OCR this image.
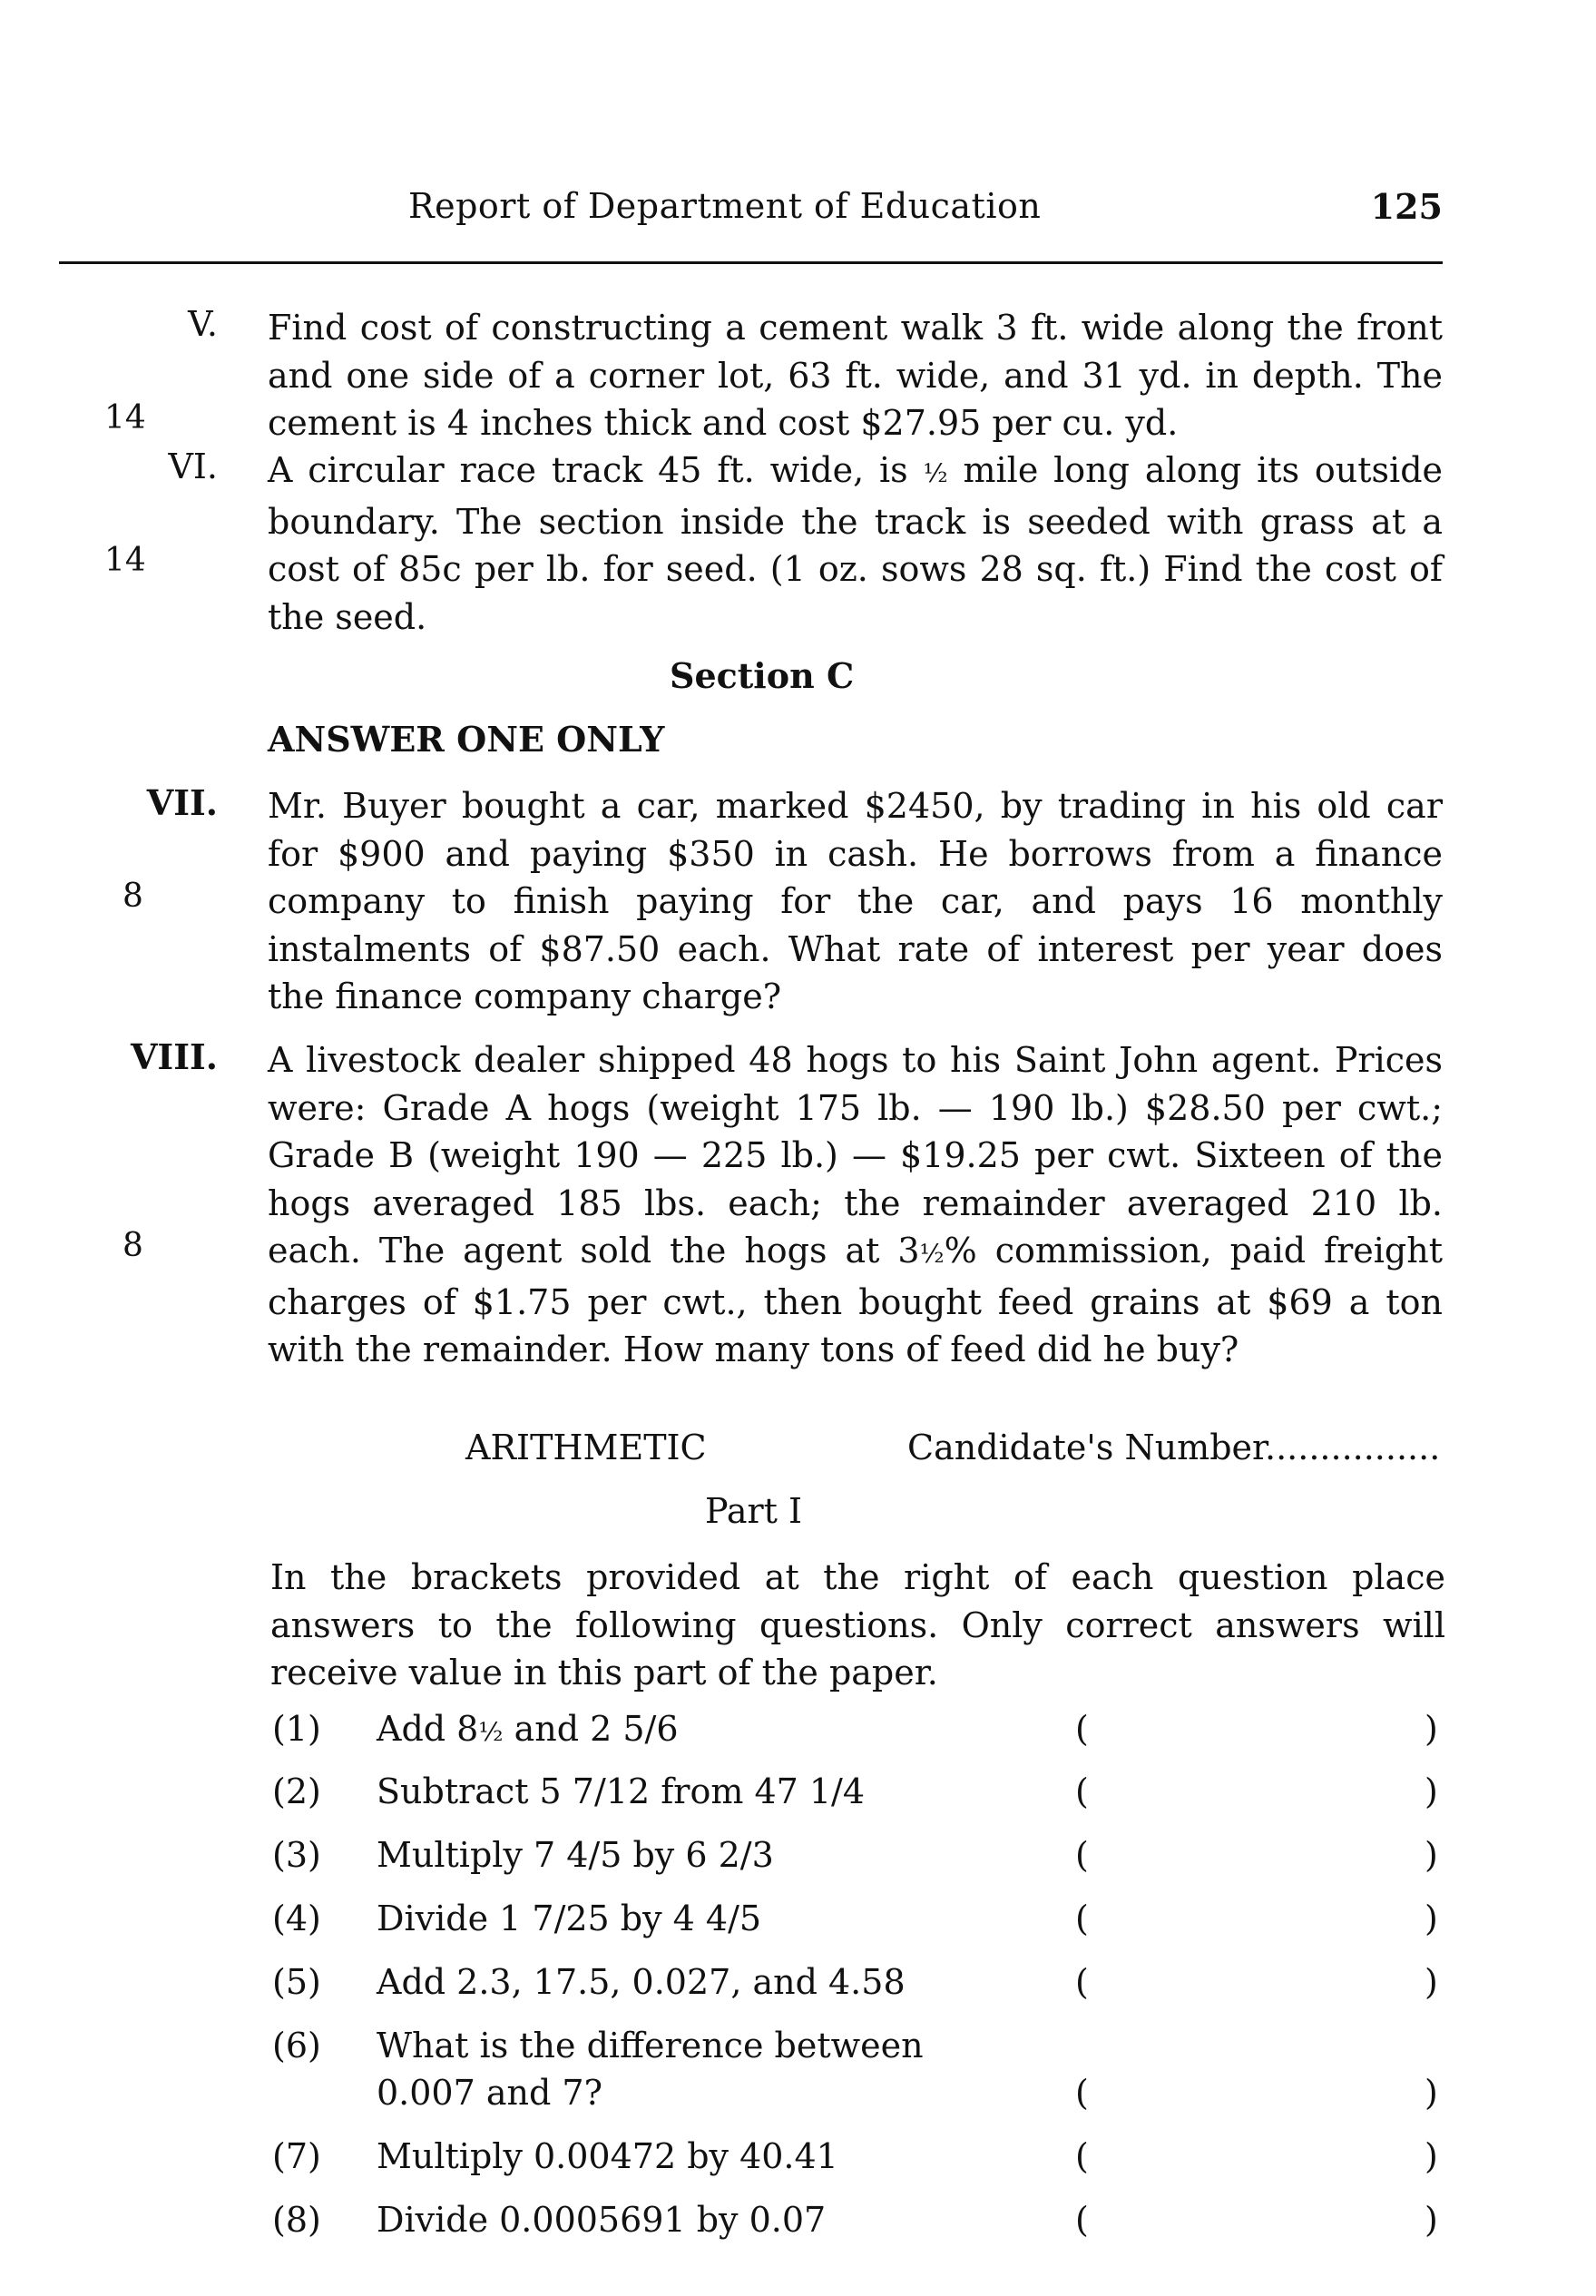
Report of Department of Education	125
V.
14
Find cost of constructing a cement walk 3 ft. wide along the front and one side of a corner lot, 63 ft. wide, and 31 yd. in depth. The cement is 4 inches thick and cost $27.95 per cu. yd.
VI.
14
A circular race track 45 ft. wide, is ½ mile long along its outside boundary. The section inside the track is seeded with grass at a cost of 85c per lb. for seed. (1 oz. sows 28 sq. ft.) Find the cost of the seed.
Section C
ANSWER ONE ONLY
VII.
8
Mr. Buyer bought a car, marked $2450, by trading in his old car for $900 and paying $350 in cash. He borrows from a finance company to finish paying for the car, and pays 16 monthly instalments of $87.50 each. What rate of interest per year does the finance company charge?
VIII.
8
A livestock dealer shipped 48 hogs to his Saint John agent. Prices were: Grade A hogs (weight 175 lb. — 190 lb.) $28.50 per cwt.; Grade B (weight 190 — 225 lb.) — $19.25 per cwt. Sixteen of the hogs averaged 185 lbs. each; the remainder averaged 210 lb. each. The agent sold the hogs at 3½% commission, paid freight charges of $1.75 per cwt., then bought feed grains at $69 a ton with the remainder. How many tons of feed did he buy?
ARITHMETIC	Candidate's Number................
Part I
In the brackets provided at the right of each question place answers to the following questions. Only correct answers will receive value in this part of the paper.
(1) Add 8½ and 2 5/6	(	)
(2) Subtract 5 7/12 from 47 1/4	(	)
(3) Multiply 7 4/5 by 6 2/3	(	)
(4) Divide 1 7/25 by 4 4/5	(	)
(5) Add 2.3, 17.5, 0.027, and 4.58	(	)
(6) What is the difference between
0.007 and 7?	(	)
(7) Multiply 0.00472 by 40.41	(	)
(8) Divide 0.0005691 by 0.07	(	)
